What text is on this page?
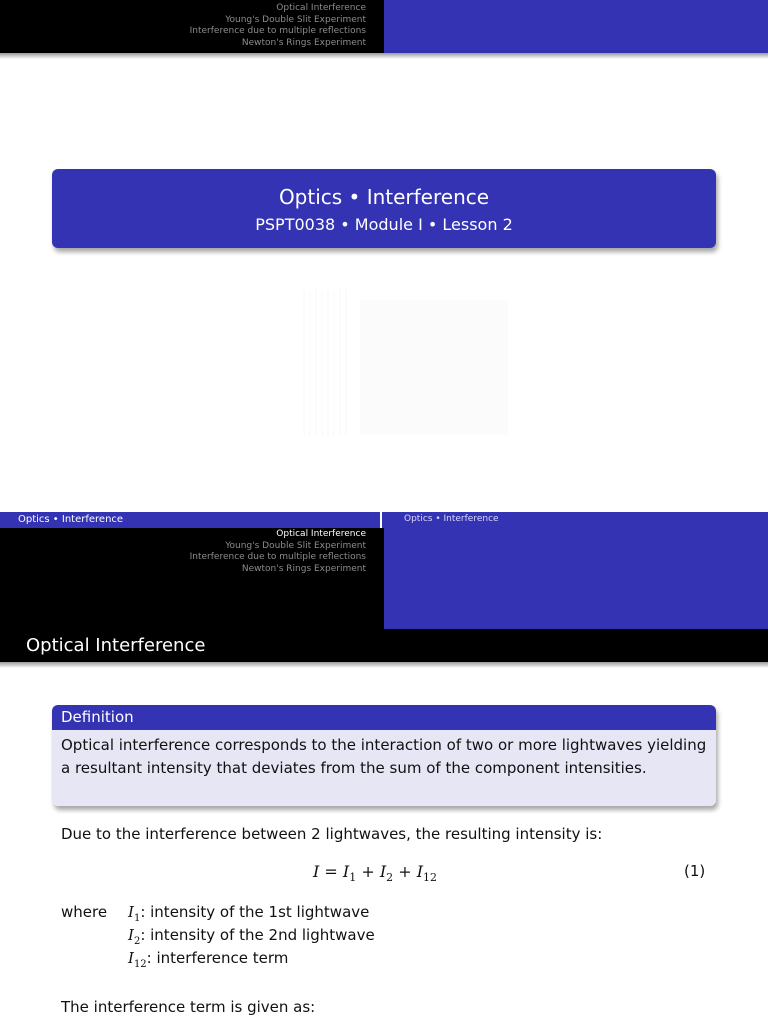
Optical Interference
Young's Double Slit Experiment
Interference due to multiple reflections
Newton's Rings Experiment
Optics • Interference
PSPT0038 • Module I • Lesson 2
Optics • Interference	Optics • Interference
Optical Interference
Young's Double Slit Experiment
Interference due to multiple reflections
Newton's Rings Experiment
Optical Interference
Definition
Optical interference corresponds to the interaction of two or more lightwaves yielding a resultant intensity that deviates from the sum of the component intensities.
Due to the interference between 2 lightwaves, the resulting intensity is:
$I = I_1 + I_2 + I_{12}$	(1)
where $I_1$: intensity of the 1st lightwave
$I_2$: intensity of the 2nd lightwave
$I_{12}$: interference term
The interference term is given as:
